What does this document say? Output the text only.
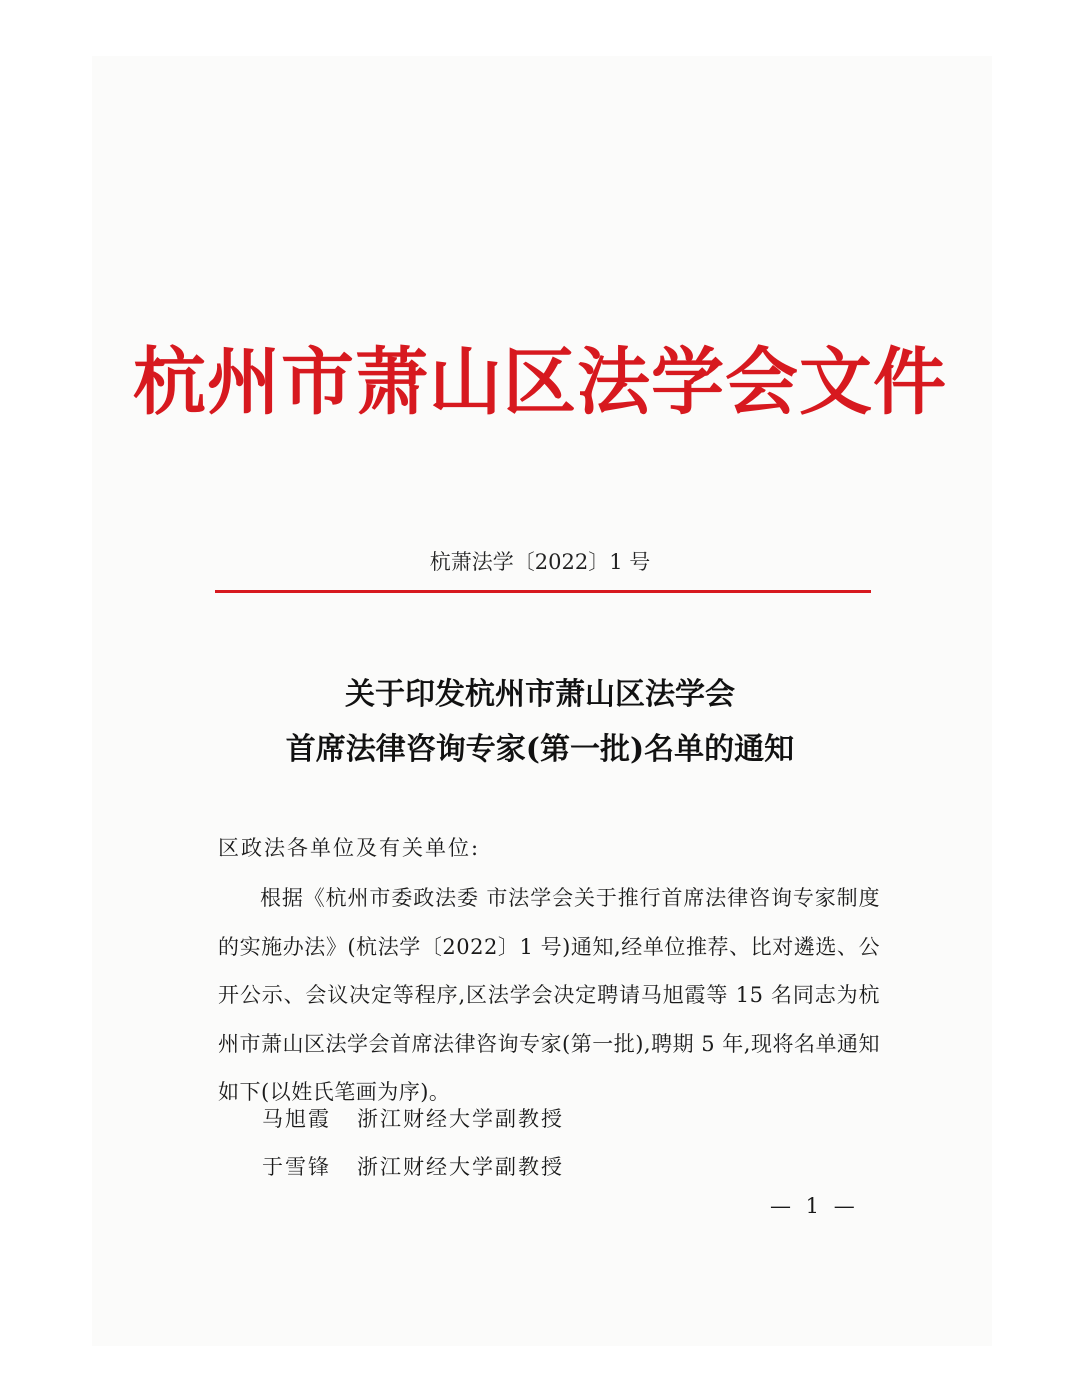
杭州市萧山区法学会文件
杭萧法学〔2022〕1 号
关于印发杭州市萧山区法学会
首席法律咨询专家(第一批)名单的通知
区政法各单位及有关单位:
根据《杭州市委政法委 市法学会关于推行首席法律咨询专家制度的实施办法》(杭法学〔2022〕1 号)通知,经单位推荐、比对遴选、公开公示、会议决定等程序,区法学会决定聘请马旭霞等 15 名同志为杭州市萧山区法学会首席法律咨询专家(第一批),聘期 5 年,现将名单通知如下(以姓氏笔画为序)。
马旭霞 浙江财经大学副教授
于雪锋 浙江财经大学副教授
— 1 —
